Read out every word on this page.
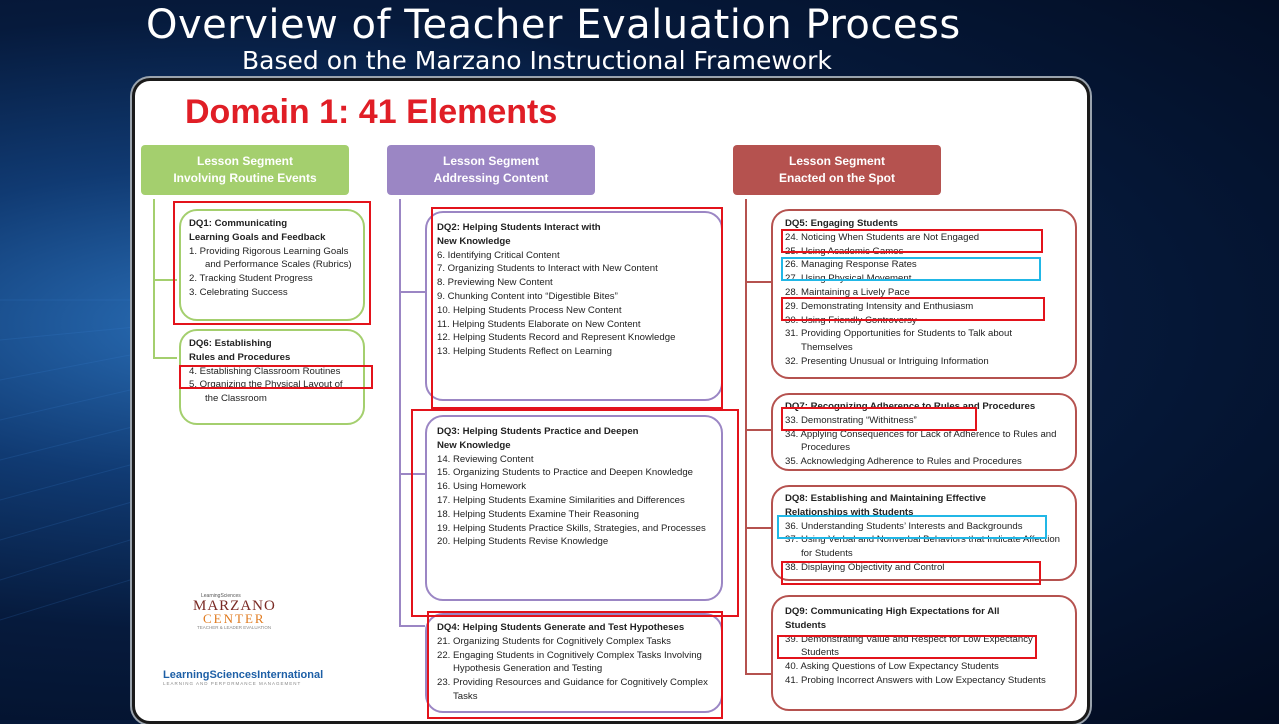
Overview of Teacher Evaluation Process
Based on the Marzano Instructional Framework
Domain 1: 41 Elements
Lesson Segment
Involving Routine Events
Lesson Segment
Addressing Content
Lesson Segment
Enacted on the Spot
DQ1: Communicating
Learning Goals and Feedback
1. Providing Rigorous Learning Goals and Performance Scales (Rubrics)
2. Tracking Student Progress
3. Celebrating Success
DQ6: Establishing
Rules and Procedures
4. Establishing Classroom Routines
5. Organizing the Physical Layout of the Classroom
DQ2: Helping Students Interact with
New Knowledge
6. Identifying Critical Content
7. Organizing Students to Interact with New Content
8. Previewing New Content
9. Chunking Content into “Digestible Bites”
10. Helping Students Process New Content
11. Helping Students Elaborate on New Content
12. Helping Students Record and Represent Knowledge
13. Helping Students Reflect on Learning
DQ3: Helping Students Practice and Deepen
New Knowledge
14. Reviewing Content
15. Organizing Students to Practice and Deepen Knowledge
16. Using Homework
17. Helping Students Examine Similarities and Differences
18. Helping Students Examine Their Reasoning
19. Helping Students Practice Skills, Strategies, and Processes
20. Helping Students Revise Knowledge
DQ4: Helping Students Generate and Test Hypotheses
21. Organizing Students for Cognitively Complex Tasks
22. Engaging Students in Cognitively Complex Tasks Involving Hypothesis Generation and Testing
23. Providing Resources and Guidance for Cognitively Complex Tasks
DQ5: Engaging Students
24. Noticing When Students are Not Engaged
25. Using Academic Games
26. Managing Response Rates
27. Using Physical Movement
28. Maintaining a Lively Pace
29. Demonstrating Intensity and Enthusiasm
30. Using Friendly Controversy
31. Providing Opportunities for Students to Talk about Themselves
32. Presenting Unusual or Intriguing Information
DQ7: Recognizing Adherence to Rules and Procedures
33. Demonstrating “Withitness”
34. Applying Consequences for Lack of Adherence to Rules and Procedures
35. Acknowledging Adherence to Rules and Procedures
DQ8: Establishing and Maintaining Effective
Relationships with Students
36. Understanding Students’ Interests and Backgrounds
37. Using Verbal and Nonverbal Behaviors that Indicate Affection for Students
38. Displaying Objectivity and Control
DQ9: Communicating High Expectations for All
Students
39. Demonstrating Value and Respect for Low Expectancy Students
40. Asking Questions of Low Expectancy Students
41. Probing Incorrect Answers with Low Expectancy Students
LearningSciences
MARZANO
CENTER
TEACHER & LEADER EVALUATION
LearningSciencesInternational
LEARNING AND PERFORMANCE MANAGEMENT
